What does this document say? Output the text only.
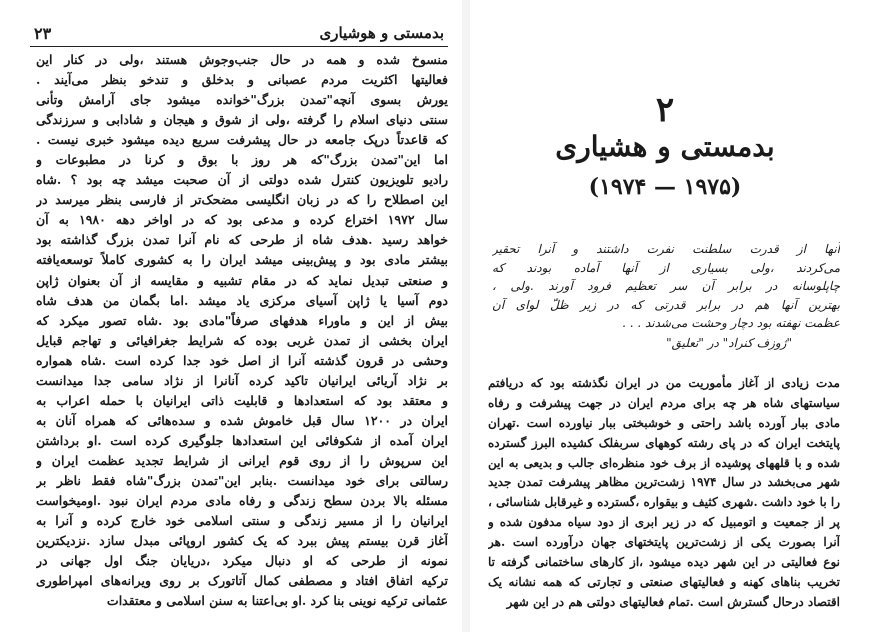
بدمستی و هوشیاری
۲۳
منسوخ شده و همه در حال جنب‌وجوش هستند ،ولی در کنار این
فعالیتها اکثریت مردم عصبانی و بدخلق و تندخو بنظر می‌آیند .
یورش بسوی آنچه"تمدن بزرگ"خوانده میشود جای آرامش و‌تأنی
سنتی دنیای اسلام را گرفته ،ولی از شوق و هیجان و شادابی و سرزندگی
که قاعدتاً درپک جامعه در حال پیشرفت سریع دیده میشود خبری نیست .
اما این"تمدن بزرگ"که هر روز با بوق و کرنا در مطبوعات و
رادیو تلویزیون کنترل شده دولتی از آن صحبت میشد چه بود ؟ .شاه
این اصطلاح را که در زبان انگلیسی مضحک‌تر از فارسی بنظر میرسد در
سال ۱۹۷۲ اختراع کرده و مدعی بود که در اواخر دهه ۱۹۸۰ به آن
خواهد رسید .هدف شاه از طرحی که نام آنرا تمدن بزرگ گذاشته بود
بیشتر مادی بود و پیش‌بینی میشد ایران را به کشوری کاملاً توسعه‌یافته
و صنعتی تبدیل نماید که در مقام تشبیه و مقایسه از آن بعنوان ژاپن
دوم آسیا یا ژاپن آسیای مرکزی یاد میشد .اما بگمان من هدف شاه
بیش از این و ماوراء هدفهای صرفاً"مادی بود .شاه تصور میکرد که
ایران بخشی از تمدن غربی بوده که شرایط جغرافیائی و تهاجم قبایل
وحشی در قرون گذشته آنرا از اصل خود جدا کرده است .شاه همواره
بر نژاد آریائی ایرانیان تاکید کرده آنانرا از نژاد سامی جدا میدانست
و معتقد بود که استعدادها و قابلیت ذاتی ایرانیان با حمله اعراب به
ایران در ۱۲۰۰ سال قبل خاموش شده و سده‌هائی که همراه آنان به
ایران آمده از شکوفائی این استعدادها جلوگیری کرده است .او برداشتن
این سرپوش را از روی قوم ایرانی از شرایط تجدید عظمت ایران و
رسالتی برای خود میدانست .بنابر این"تمدن بزرگ"شاه فقط ناظر بر
مسئله بالا بردن سطح زندگی و رفاه مادی مردم ایران نبود .اومیخواست
ایرانیان را از مسیر زندگی و سنتی اسلامی خود خارج کرده و آنرا به
آغاز قرن بیستم پیش ببرد که یک کشور اروپائی مبدل سازد .نزدیکترین
نمونه از طرحی که او دنبال میکرد ،دریایان جنگ اول جهانی در
ترکیه اتفاق افتاد و مصطفی کمال آتاتورک بر روی ویرانه‌های امپراطوری
عثمانی ترکیه نوینی بنا کرد .او بی‌اعتنا به سنن اسلامی و معتقدات
۲
بدمستی و هشیاری
(۱۹۷۵ — ۱۹۷۴)
آنها از قدرت سلطنت نفرت داشتند و آنرا تحقیر
می‌کردند ،ولی بسیاری از آنها آماده بودند که
چاپلوسانه در برابر آن سر تعظیم فرود آورند .ولی ،
بهترین آنها هم در برابر قدرتی که در زیر ظلّ لوای آن
عظمت نهفته بود دچار وحشت می‌شدند . . .
"ژوزف کنراد" در "تعلیق"
مدت زیادی از آغاز مأموریت من در ایران نگذشته بود که دریافتم
سیاستهای شاه هر چه برای مردم ایران در جهت پیشرفت و رفاه
مادی ببار آورده باشد راحتی و خوشبختی ببار نیاورده است .تهران
پایتخت ایران که در پای رشته کوههای سربفلک کشیده البرز گسترده
شده و با قلههای پوشیده از برف خود منظره‌ای جالب و بدیعی به این
شهر می‌بخشد در سال ۱۹۷۴ زشت‌ترین مظاهر پیشرفت تمدن جدید
را با خود داشت .شهری کثیف و بیقواره ،گسترده و غیرقابل شناسائی ،
پر از جمعیت و اتومبیل که در زیر ابری از دود سیاه مدفون شده و
آنرا بصورت یکی از زشت‌ترین پایتختهای جهان درآورده است .هر
نوع فعالیتی در این شهر دیده میشود ،از کارهای ساختمانی گرفته تا
تخریب بناهای کهنه و فعالیتهای صنعتی و تجارتی که همه نشانه یک
اقتصاد درحال گسترش است .تمام فعالیتهای دولتی هم در این شهر
